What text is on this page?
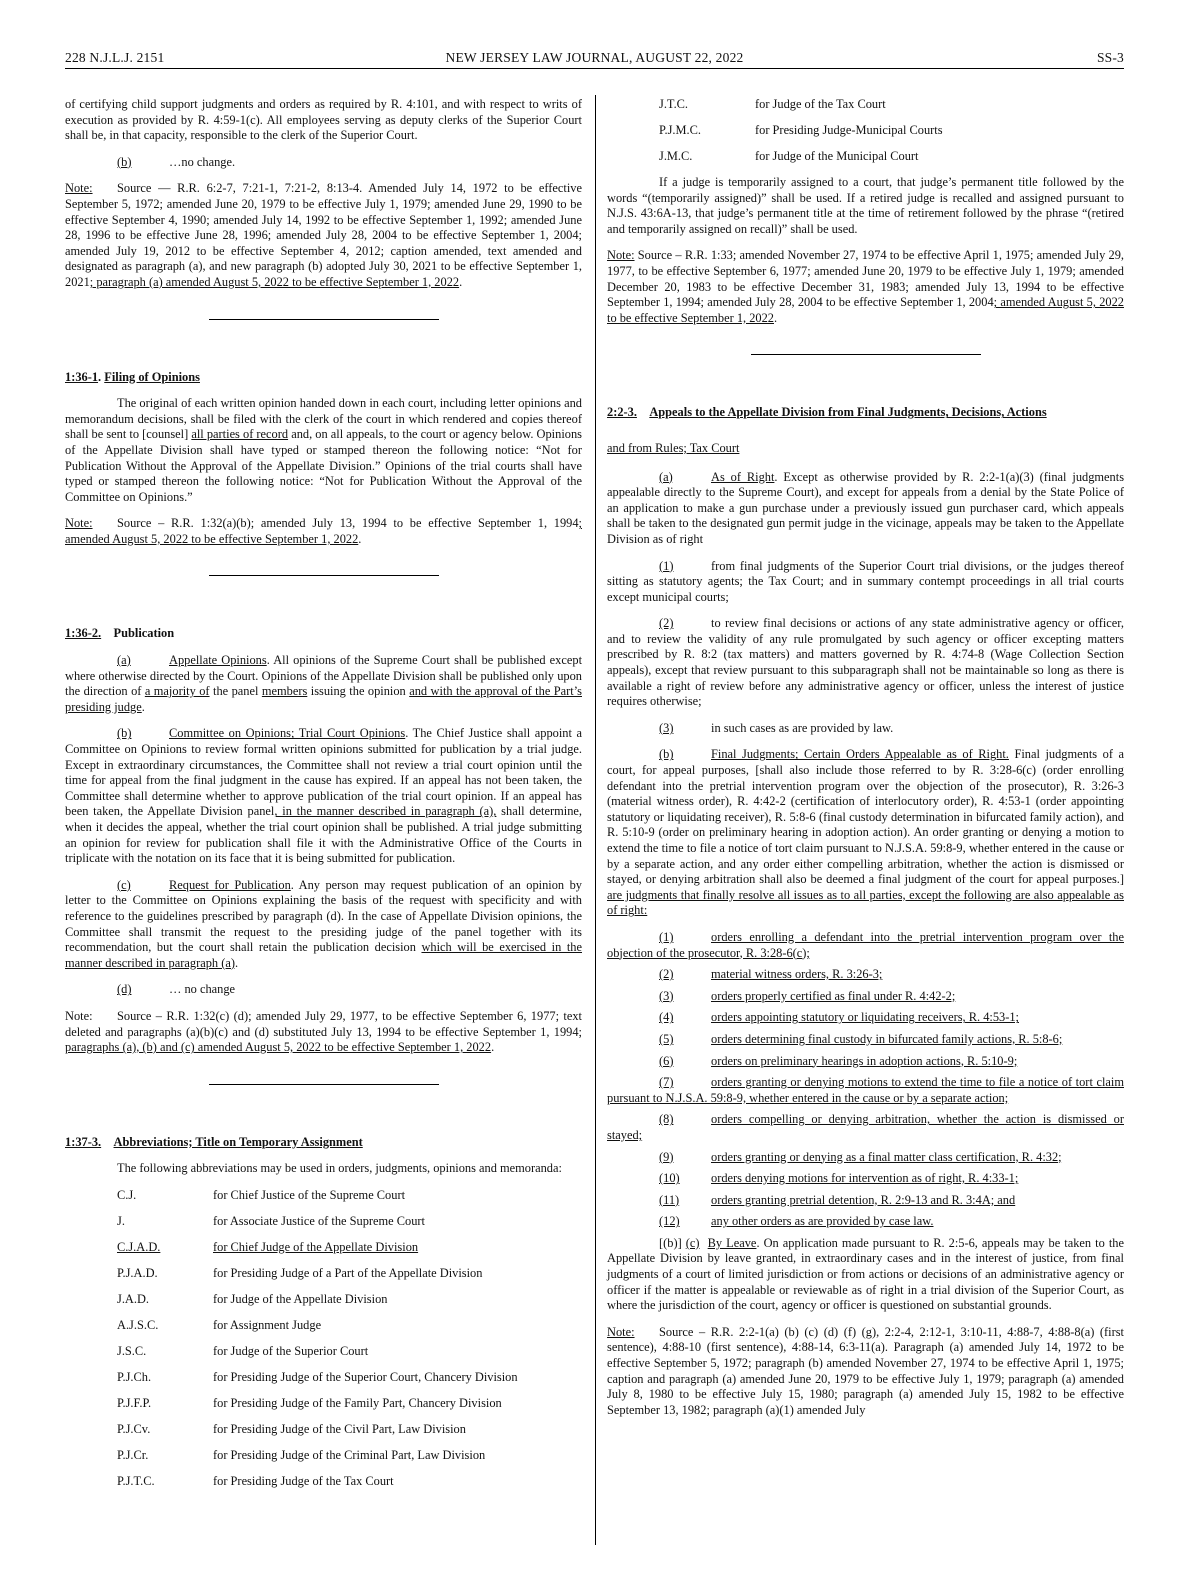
228 N.J.L.J. 2151	NEW JERSEY LAW JOURNAL, AUGUST 22, 2022	SS-3

of certifying child support judgments and orders as required by R. 4:101, and with respect to writs of execution as provided by R. 4:59-1(c). All employees serving as deputy clerks of the Superior Court shall be, in that capacity, responsible to the clerk of the Superior Court.

(b)	…no change.

Note: Source — R.R. 6:2-7, 7:21-1, 7:21-2, 8:13-4. Amended July 14, 1972 to be effective September 5, 1972; amended June 20, 1979 to be effective July 1, 1979; amended June 29, 1990 to be effective September 4, 1990; amended July 14, 1992 to be effective September 1, 1992; amended June 28, 1996 to be effective June 28, 1996; amended July 28, 2004 to be effective September 1, 2004; amended July 19, 2012 to be effective September 4, 2012; caption amended, text amended and designated as paragraph (a), and new paragraph (b) adopted July 30, 2021 to be effective September 1, 2021; paragraph (a) amended August 5, 2022 to be effective September 1, 2022.

1:36-1. Filing of Opinions

The original of each written opinion handed down in each court, including letter opinions and memorandum decisions, shall be filed with the clerk of the court in which rendered and copies thereof shall be sent to [counsel] all parties of record and, on all appeals, to the court or agency below. Opinions of the Appellate Division shall have typed or stamped thereon the following notice: “Not for Publication Without the Approval of the Appellate Division.” Opinions of the trial courts shall have typed or stamped thereon the following notice: “Not for Publication Without the Approval of the Committee on Opinions.”

Note: Source – R.R. 1:32(a)(b); amended July 13, 1994 to be effective September 1, 1994; amended August 5, 2022 to be effective September 1, 2022.

1:36-2. Publication

(a)	Appellate Opinions. All opinions of the Supreme Court shall be published except where otherwise directed by the Court. Opinions of the Appellate Division shall be published only upon the direction of a majority of the panel members issuing the opinion and with the approval of the Part’s presiding judge.

(b)	Committee on Opinions; Trial Court Opinions. The Chief Justice shall appoint a Committee on Opinions to review formal written opinions submitted for publication by a trial judge. Except in extraordinary circumstances, the Committee shall not review a trial court opinion until the time for appeal from the final judgment in the cause has expired. If an appeal has not been taken, the Committee shall determine whether to approve publication of the trial court opinion. If an appeal has been taken, the Appellate Division panel, in the manner described in paragraph (a), shall determine, when it decides the appeal, whether the trial court opinion shall be published. A trial judge submitting an opinion for review for publication shall file it with the Administrative Office of the Courts in triplicate with the notation on its face that it is being submitted for publication.

(c)	Request for Publication. Any person may request publication of an opinion by letter to the Committee on Opinions explaining the basis of the request with specificity and with reference to the guidelines prescribed by paragraph (d). In the case of Appellate Division opinions, the Committee shall transmit the request to the presiding judge of the panel together with its recommendation, but the court shall retain the publication decision which will be exercised in the manner described in paragraph (a).

(d)	… no change

Note: Source – R.R. 1:32(c) (d); amended July 29, 1977, to be effective September 6, 1977; text deleted and paragraphs (a)(b)(c) and (d) substituted July 13, 1994 to be effective September 1, 1994; paragraphs (a), (b) and (c) amended August 5, 2022 to be effective September 1, 2022.

1:37-3. Abbreviations; Title on Temporary Assignment

The following abbreviations may be used in orders, judgments, opinions and memoranda:

C.J.	for Chief Justice of the Supreme Court
J.	for Associate Justice of the Supreme Court
C.J.A.D.	for Chief Judge of the Appellate Division
P.J.A.D.	for Presiding Judge of a Part of the Appellate Division
J.A.D.	for Judge of the Appellate Division
A.J.S.C.	for Assignment Judge
J.S.C.	for Judge of the Superior Court
P.J.Ch.	for Presiding Judge of the Superior Court, Chancery Division
P.J.F.P.	for Presiding Judge of the Family Part, Chancery Division
P.J.Cv.	for Presiding Judge of the Civil Part, Law Division
P.J.Cr.	for Presiding Judge of the Criminal Part, Law Division
P.J.T.C.	for Presiding Judge of the Tax Court
J.T.C.	for Judge of the Tax Court
P.J.M.C.	for Presiding Judge-Municipal Courts
J.M.C.	for Judge of the Municipal Court

If a judge is temporarily assigned to a court, that judge’s permanent title followed by the words “(temporarily assigned)” shall be used. If a retired judge is recalled and assigned pursuant to N.J.S. 43:6A-13, that judge’s permanent title at the time of retirement followed by the phrase “(retired and temporarily assigned on recall)” shall be used.

Note: Source – R.R. 1:33; amended November 27, 1974 to be effective April 1, 1975; amended July 29, 1977, to be effective September 6, 1977; amended June 20, 1979 to be effective July 1, 1979; amended December 20, 1983 to be effective December 31, 1983; amended July 13, 1994 to be effective September 1, 1994; amended July 28, 2004 to be effective September 1, 2004; amended August 5, 2022 to be effective September 1, 2022.

2:2-3. Appeals to the Appellate Division from Final Judgments, Decisions, Actions

and from Rules; Tax Court

(a)	As of Right. Except as otherwise provided by R. 2:2-1(a)(3) (final judgments appealable directly to the Supreme Court), and except for appeals from a denial by the State Police of an application to make a gun purchase under a previously issued gun purchaser card, which appeals shall be taken to the designated gun permit judge in the vicinage, appeals may be taken to the Appellate Division as of right

(1)	from final judgments of the Superior Court trial divisions, or the judges thereof sitting as statutory agents; the Tax Court; and in summary contempt proceedings in all trial courts except municipal courts;

(2)	to review final decisions or actions of any state administrative agency or officer, and to review the validity of any rule promulgated by such agency or officer excepting matters prescribed by R. 8:2 (tax matters) and matters governed by R. 4:74-8 (Wage Collection Section appeals), except that review pursuant to this subparagraph shall not be maintainable so long as there is available a right of review before any administrative agency or officer, unless the interest of justice requires otherwise;

(3)	in such cases as are provided by law.

(b)	Final Judgments; Certain Orders Appealable as of Right. Final judgments of a court, for appeal purposes, [shall also include those referred to by R. 3:28-6(c) (order enrolling defendant into the pretrial intervention program over the objection of the prosecutor), R. 3:26-3 (material witness order), R. 4:42-2 (certification of interlocutory order), R. 4:53-1 (order appointing statutory or liquidating receiver), R. 5:8-6 (final custody determination in bifurcated family action), and R. 5:10-9 (order on preliminary hearing in adoption action). An order granting or denying a motion to extend the time to file a notice of tort claim pursuant to N.J.S.A. 59:8-9, whether entered in the cause or by a separate action, and any order either compelling arbitration, whether the action is dismissed or stayed, or denying arbitration shall also be deemed a final judgment of the court for appeal purposes.] are judgments that finally resolve all issues as to all parties, except the following are also appealable as of right:

(1)	orders enrolling a defendant into the pretrial intervention program over the objection of the prosecutor, R. 3:28-6(c);

(2)	material witness orders, R. 3:26-3;

(3)	orders properly certified as final under R. 4:42-2;

(4)	orders appointing statutory or liquidating receivers, R. 4:53-1;

(5)	orders determining final custody in bifurcated family actions, R. 5:8-6;

(6)	orders on preliminary hearings in adoption actions, R. 5:10-9;

(7)	orders granting or denying motions to extend the time to file a notice of tort claim pursuant to N.J.S.A. 59:8-9, whether entered in the cause or by a separate action;

(8)	orders compelling or denying arbitration, whether the action is dismissed or stayed;

(9)	orders granting or denying as a final matter class certification, R. 4:32;

(10)	orders denying motions for intervention as of right, R. 4:33-1;

(11)	orders granting pretrial detention, R. 2:9-13 and R. 3:4A; and

(12)	any other orders as are provided by case law.

[(b)] (c) By Leave. On application made pursuant to R. 2:5-6, appeals may be taken to the Appellate Division by leave granted, in extraordinary cases and in the interest of justice, from final judgments of a court of limited jurisdiction or from actions or decisions of an administrative agency or officer if the matter is appealable or reviewable as of right in a trial division of the Superior Court, as where the jurisdiction of the court, agency or officer is questioned on substantial grounds.

Note: Source – R.R. 2:2-1(a) (b) (c) (d) (f) (g), 2:2-4, 2:12-1, 3:10-11, 4:88-7, 4:88-8(a) (first sentence), 4:88-10 (first sentence), 4:88-14, 6:3-11(a). Paragraph (a) amended July 14, 1972 to be effective September 5, 1972; paragraph (b) amended November 27, 1974 to be effective April 1, 1975; caption and paragraph (a) amended June 20, 1979 to be effective July 1, 1979; paragraph (a) amended July 8, 1980 to be effective July 15, 1980; paragraph (a) amended July 15, 1982 to be effective September 13, 1982; paragraph (a)(1) amended July
